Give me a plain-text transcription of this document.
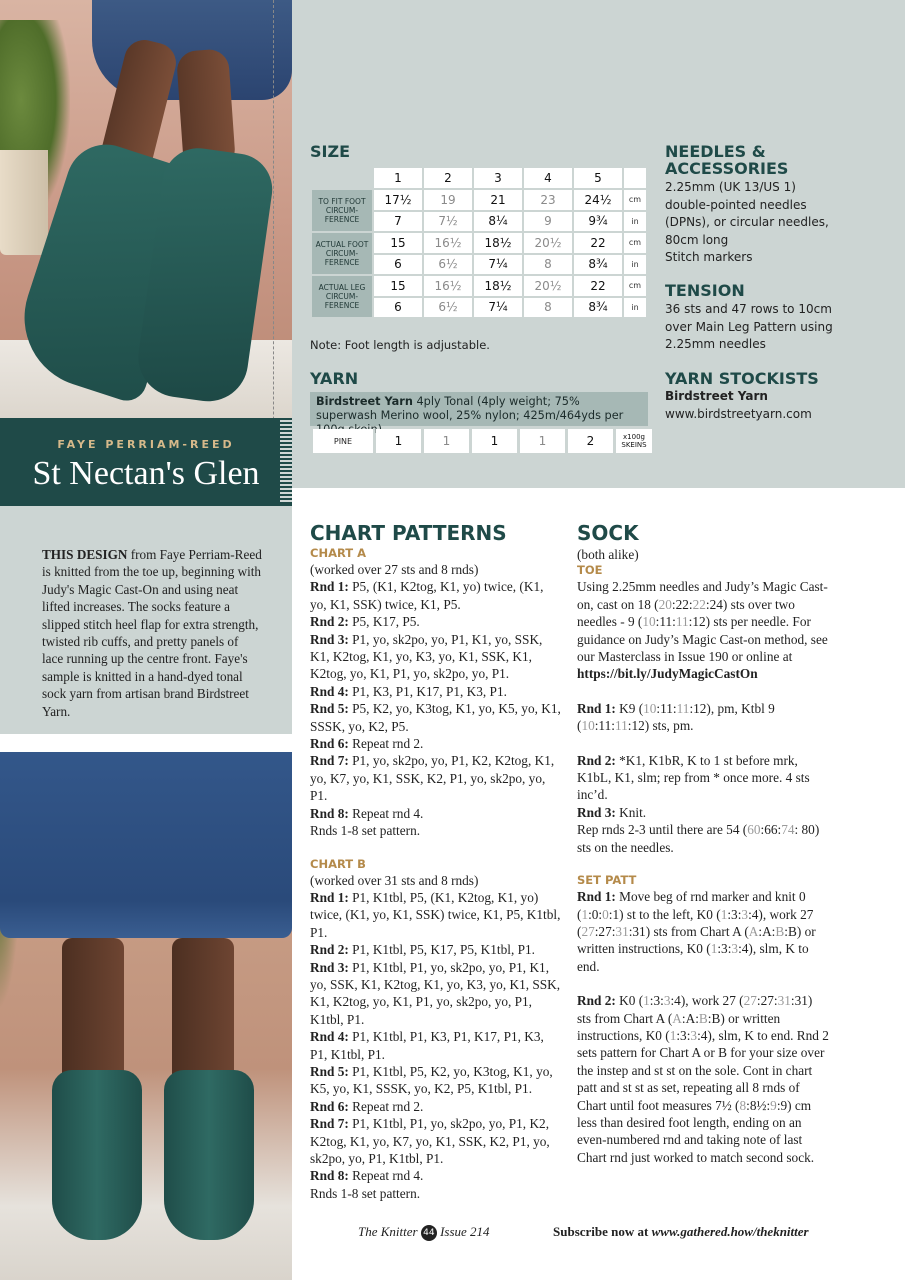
FAYE PERRIAM-REED
St Nectan's Glen
THIS DESIGN from Faye Perriam-Reed is knitted from the toe up, beginning with Judy's Magic Cast-On and using neat lifted increases. The socks feature a slipped stitch heel flap for extra strength, twisted rib cuffs, and pretty panels of lace running up the centre front. Faye's sample is knitted in a hand-dyed tonal sock yarn from artisan brand Birdstreet Yarn.
SIZE
	1	2	3	4	5	
TO FIT FOOT CIRCUM-FERENCE	17½	19	21	23	24½	cm
	7	7½	8¼	9	9¾	in
ACTUAL FOOT CIRCUM-FERENCE	15	16½	18½	20½	22	cm
	6	6½	7¼	8	8¾	in
ACTUAL LEG CIRCUM-FERENCE	15	16½	18½	20½	22	cm
	6	6½	7¼	8	8¾	in
Note: Foot length is adjustable.
YARN
Birdstreet Yarn 4ply Tonal (4ply weight; 75% superwash Merino wool, 25% nylon; 425m/464yds per
PINE	1	1	1	1	2	x100g SKEINS
NEEDLES &
ACCESSORIES
2.25mm (UK 13/US 1)
double-pointed needles
(DPNs), or circular needles,
80cm long
Stitch markers
TENSION
36 sts and 47 rows to 10cm
over Main Leg Pattern using
2.25mm needles
YARN STOCKISTS
Birdstreet Yarn
www.birdstreetyarn.com
CHART PATTERNS
CHART A

(worked over 27 sts and 8 rnds)

Rnd 1: P5, (K1, K2tog, K1, yo) twice, (K1, yo, K1, SSK) twice, K1, P5.

Rnd 2: P5, K17, P5.

Rnd 3: P1, yo, sk2po, yo, P1, K1, yo, SSK, K1, K2tog, K1, yo, K3, yo, K1, SSK, K1, K2tog, yo, K1, P1, yo, sk2po, yo, P1.

Rnd 4: P1, K3, P1, K17, P1, K3, P1.

Rnd 5: P5, K2, yo, K3tog, K1, yo, K5, yo, K1, SSSK, yo, K2, P5.

Rnd 6: Repeat rnd 2.

Rnd 7: P1, yo, sk2po, yo, P1, K2, K2tog, K1, yo, K7, yo, K1, SSK, K2, P1, yo, sk2po, yo, P1.

Rnd 8: Repeat rnd 4.

Rnds 1-8 set pattern.

CHART B

(worked over 31 sts and 8 rnds)

Rnd 1: P1, K1tbl, P5, (K1, K2tog, K1, yo) twice, (K1, yo, K1, SSK) twice, K1, P5, K1tbl, P1.

Rnd 2: P1, K1tbl, P5, K17, P5, K1tbl, P1.

Rnd 3: P1, K1tbl, P1, yo, sk2po, yo, P1, K1, yo, SSK, K1, K2tog, K1, yo, K3, yo, K1, SSK, K1, K2tog, yo, K1, P1, yo, sk2po, yo, P1, K1tbl, P1.

Rnd 4: P1, K1tbl, P1, K3, P1, K17, P1, K3, P1, K1tbl, P1.

Rnd 5: P1, K1tbl, P5, K2, yo, K3tog, K1, yo, K5, yo, K1, SSSK, yo, K2, P5, K1tbl, P1.

Rnd 6: Repeat rnd 2.

Rnd 7: P1, K1tbl, P1, yo, sk2po, yo, P1, K2, K2tog, K1, yo, K7, yo, K1, SSK, K2, P1, yo, sk2po, yo, P1, K1tbl, P1.

Rnd 8: Repeat rnd 4.

Rnds 1-8 set pattern.

SOCK

(both alike)

TOE

Using 2.25mm needles and Judy’s Magic Cast-on, cast on 18 (20:22:22:24) sts over two needles - 9 (10:11:11:12) sts per needle. For guidance on Judy’s Magic Cast-on method, see our Masterclass in Issue 190 or online at https://bit.ly/JudyMagicCastOn

Rnd 1: K9 (10:11:11:12), pm, Ktbl 9 (10:11:11:12) sts, pm.

Rnd 2: *K1, K1bR, K to 1 st before mrk, K1bL, K1, slm; rep from * once more. 4 sts inc’d.

Rnd 3: Knit.

Rep rnds 2-3 until there are 54 (60:66:74: 80) sts on the needles.

SET PATT

Rnd 1: Move beg of rnd marker and knit 0 (1:0:0:1) st to the left, K0 (1:3:3:4), work 27 (27:27:31:31) sts from Chart A (A:A:B:B) or written instructions, K0 (1:3:3:4), slm, K to end.

Rnd 2: K0 (1:3:3:4), work 27 (27:27:31:31) sts from Chart A (A:A:B:B) or written instructions, K0 (1:3:3:4), slm, K to end. Rnd 2 sets pattern for Chart A or B for your size over the instep and st st on the sole. Cont in chart patt and st st as set, repeating all 8 rnds of Chart until foot measures 7½ (8:8½:9:9) cm less than desired foot length, ending on an even-numbered rnd and taking note of last Chart rnd just worked to match second sock.

The Knitter 44 Issue 214	Subscribe now at www.gathered.how/theknitter
